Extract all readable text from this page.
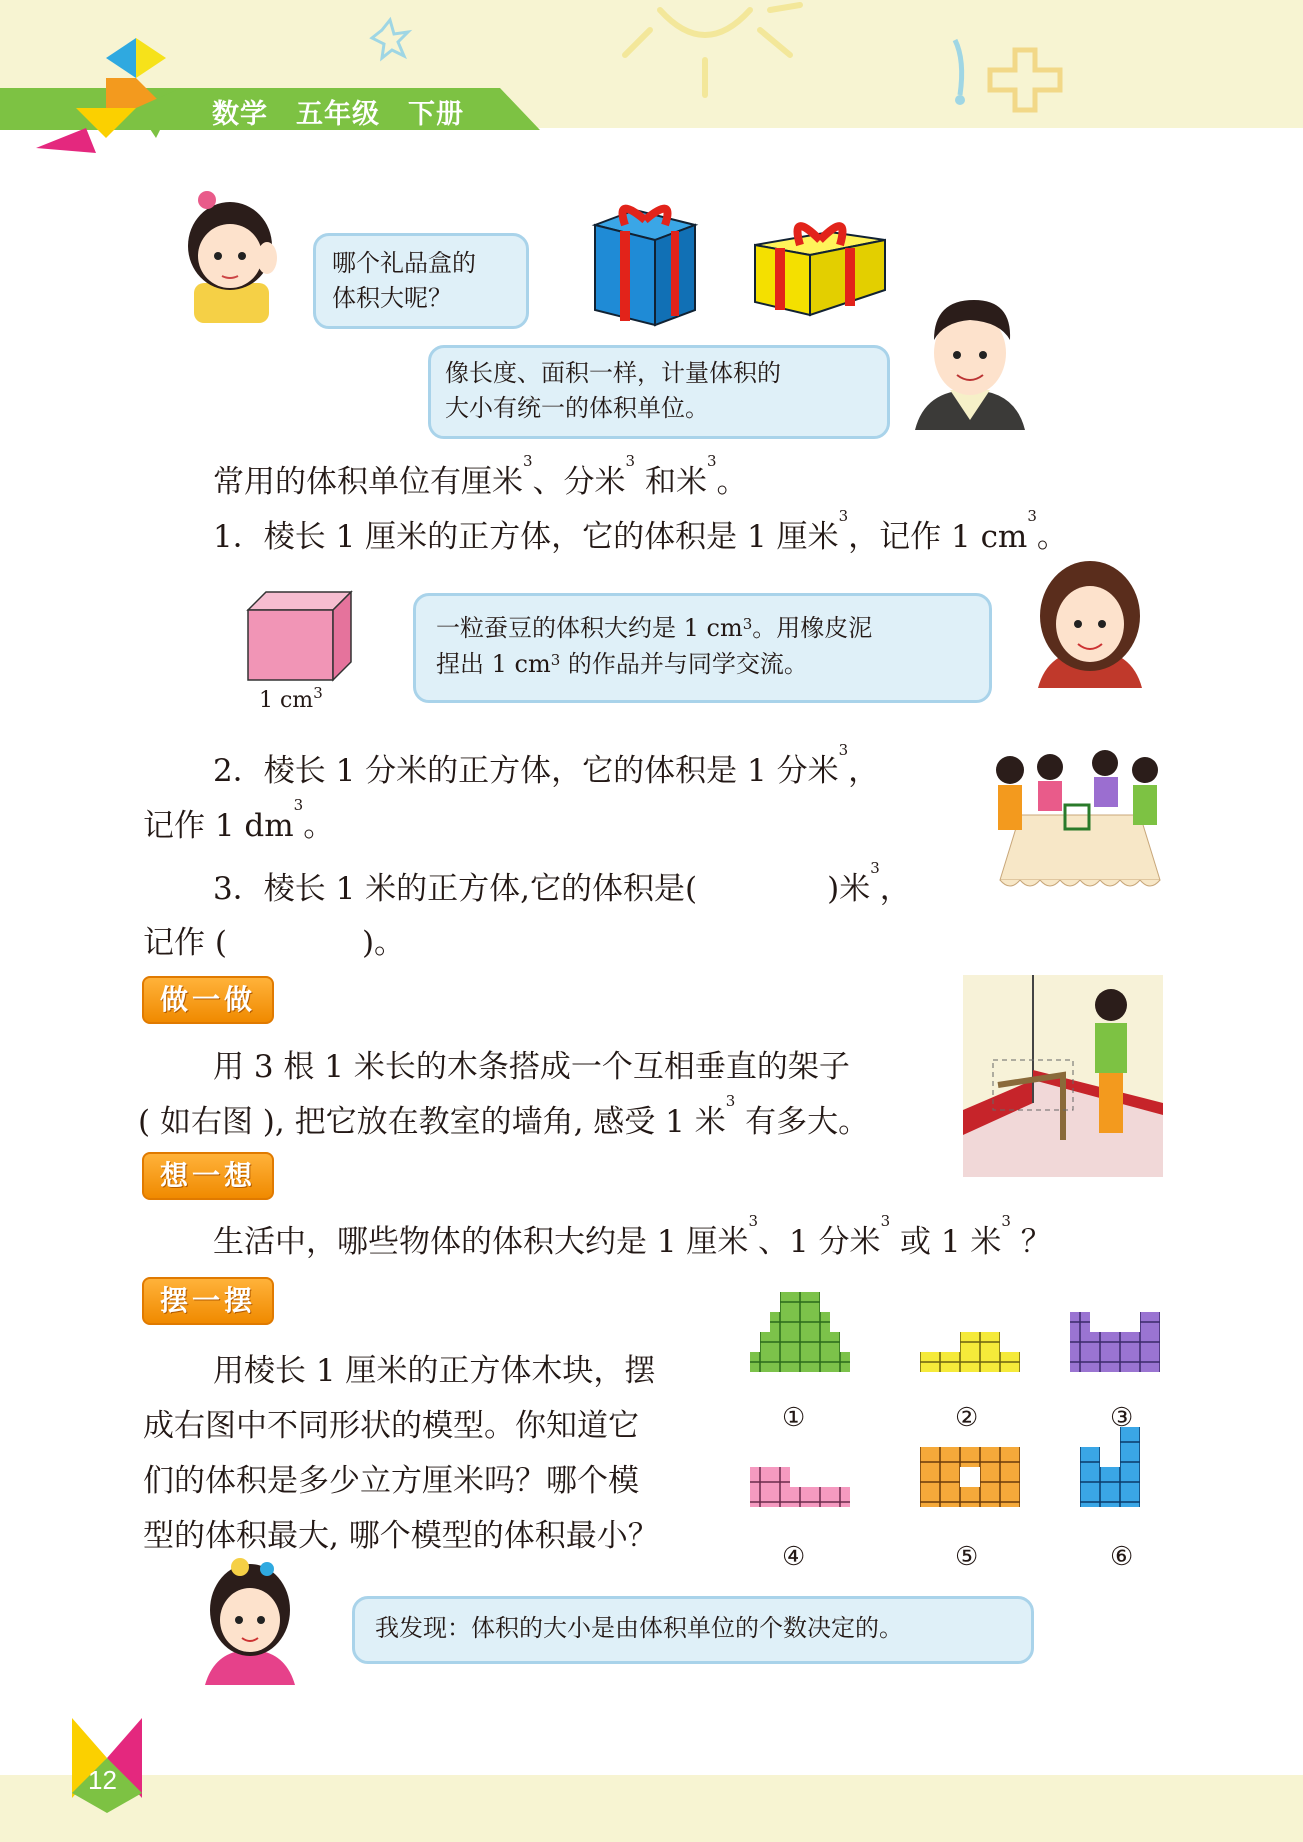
数学　五年级　下册
哪个礼品盒的
体积大呢？
像长度、面积一样，计量体积的
大小有统一的体积单位。
常用的体积单位有厘米$^3$、分米$^3$ 和米$^3$。
1．棱长 1 厘米的正方体，它的体积是 1 厘米$^3$，记作 1 $cm^3$。
1 $cm^3$
一粒蚕豆的体积大约是 1 $cm^3$。用橡皮泥
捏出 1 $cm^3$ 的作品并与同学交流。
2．棱长 1 分米的正方体，它的体积是 1 分米$^3$，
记作 1 $dm^3$。
3．棱长 1 米的正方体,它的体积是(	)米$^3$，
记作 (	)。
做一做
用 3 根 1 米长的木条搭成一个互相垂直的架子
( 如右图 ), 把它放在教室的墙角, 感受 1 米$^3$ 有多大。
想一想
生活中，哪些物体的体积大约是 1 厘米$^3$、1 分米$^3$ 或 1 米$^3$ ？
摆一摆
用棱长 1 厘米的正方体木块，摆
成右图中不同形状的模型。你知道它
们的体积是多少立方厘米吗？哪个模
型的体积最大, 哪个模型的体积最小？
①	②	③
④	⑤	⑥
我发现：体积的大小是由体积单位的个数决定的。
12
